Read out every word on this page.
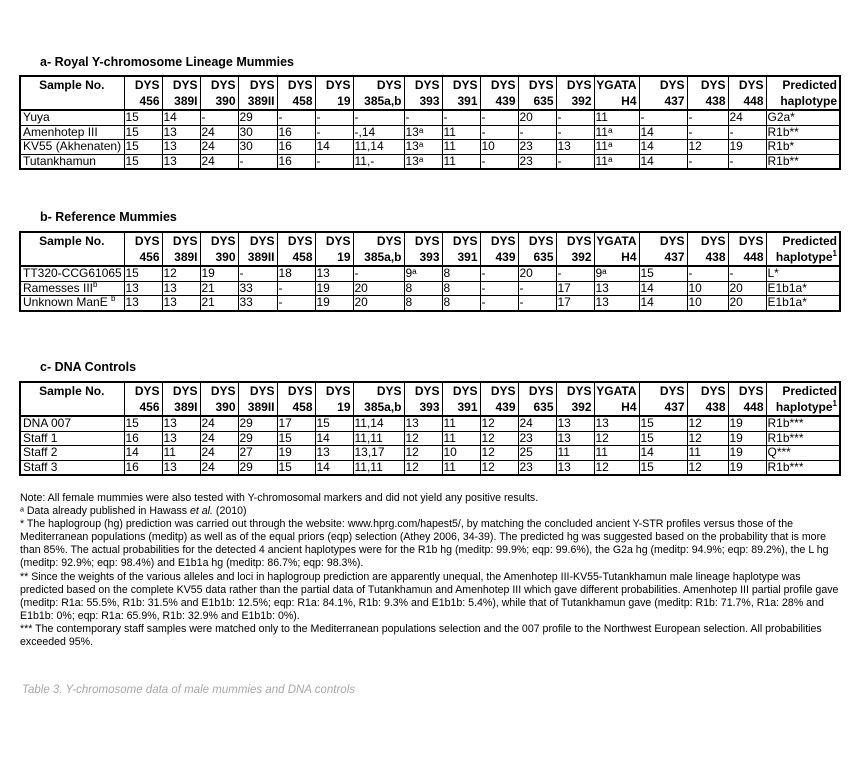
a- Royal Y-chromosome Lineage Mummies
Sample No.	DYS 456	DYS 389I	DYS 390	DYS 389II	DYS 458	DYS 19	DYS 385a,b	DYS 393	DYS 391	DYS 439	DYS 635	DYS 392	YGATA H4	DYS 437	DYS 438	DYS 448	Predicted haplotype
Yuya	15	14	-	29	-	-	-	-	-	-	20	-	11	-	-	24	G2a*
Amenhotep III	15	13	24	30	16	-	-,14	13ᵃ	11	-	-	-	11ᵃ	14	-	-	R1b**
KV55 (Akhenaten)	15	13	24	30	16	14	11,14	13ᵃ	11	10	23	13	11ᵃ	14	12	19	R1b*
Tutankhamun	15	13	24	-	16	-	11,-	13ᵃ	11	-	23	-	11ᵃ	14	-	-	R1b**
b- Reference Mummies
Sample No.	DYS 456	DYS 389I	DYS 390	DYS 389II	DYS 458	DYS 19	DYS 385a,b	DYS 393	DYS 391	DYS 439	DYS 635	DYS 392	YGATA H4	DYS 437	DYS 438	DYS 448	Predicted haplotype$^1$
TT320-CCG61065	15	12	19	-	18	13	-	9ᵃ	8	-	20	-	9ᵃ	15	-	-	L*
Ramesses III$^b$	13	13	21	33	-	19	20	8	8	-	-	17	13	14	10	20	E1b1a*
Unknown ManE $^b$	13	13	21	33	-	19	20	8	8	-	-	17	13	14	10	20	E1b1a*
c- DNA Controls
Sample No.	DYS 456	DYS 389I	DYS 390	DYS 389II	DYS 458	DYS 19	DYS 385a,b	DYS 393	DYS 391	DYS 439	DYS 635	DYS 392	YGATA H4	DYS 437	DYS 438	DYS 448	Predicted haplotype$^1$
DNA 007	15	13	24	29	17	15	11,14	13	11	12	24	13	13	15	12	19	R1b***
Staff 1	16	13	24	29	15	14	11,11	12	11	12	23	13	12	15	12	19	R1b***
Staff 2	14	11	24	27	19	13	13,17	12	10	12	25	11	11	14	11	19	Q***
Staff 3	16	13	24	29	15	14	11,11	12	11	12	23	13	12	15	12	19	R1b***

Note: All female mummies were also tested with Y-chromosomal markers and did not yield any positive results.

ᵃ Data already published in Hawass et al. (2010)

* The haplogroup (hg) prediction was carried out through the website: www.hprg.com/hapest5/, by matching the concluded ancient Y-STR profiles versus those of the Mediterranean populations (meditp) as well as of the equal priors (eqp) selection (Athey 2006, 34-39). The predicted hg was suggested based on the probability that is more than 85%. The actual probabilities for the detected 4 ancient haplotypes were for the R1b hg (meditp: 99.9%; eqp: 99.6%), the G2a hg (meditp: 94.9%; eqp: 89.2%), the L hg (meditp: 92.9%; eqp: 98.4%) and E1b1a hg (meditp: 86.7%; eqp: 98.3%).

** Since the weights of the various alleles and loci in haplogroup prediction are apparently unequal, the Amenhotep III-KV55-Tutankhamun male lineage haplotype was predicted based on the complete KV55 data rather than the partial data of Tutankhamun and Amenhotep III which gave different probabilities. Amenhotep III partial profile gave (meditp: R1a: 55.5%, R1b: 31.5% and E1b1b: 12.5%; eqp: R1a: 84.1%, R1b: 9.3% and E1b1b: 5.4%), while that of Tutankhamun gave (meditp: R1b: 71.7%, R1a: 28% and E1b1b: 0%; eqp: R1a: 65.9%, R1b: 32.9% and E1b1b: 0%).

*** The contemporary staff samples were matched only to the Mediterranean populations selection and the 007 profile to the Northwest European selection. All probabilities exceeded 95%.

Table 3. Y-chromosome data of male mummies and DNA controls
